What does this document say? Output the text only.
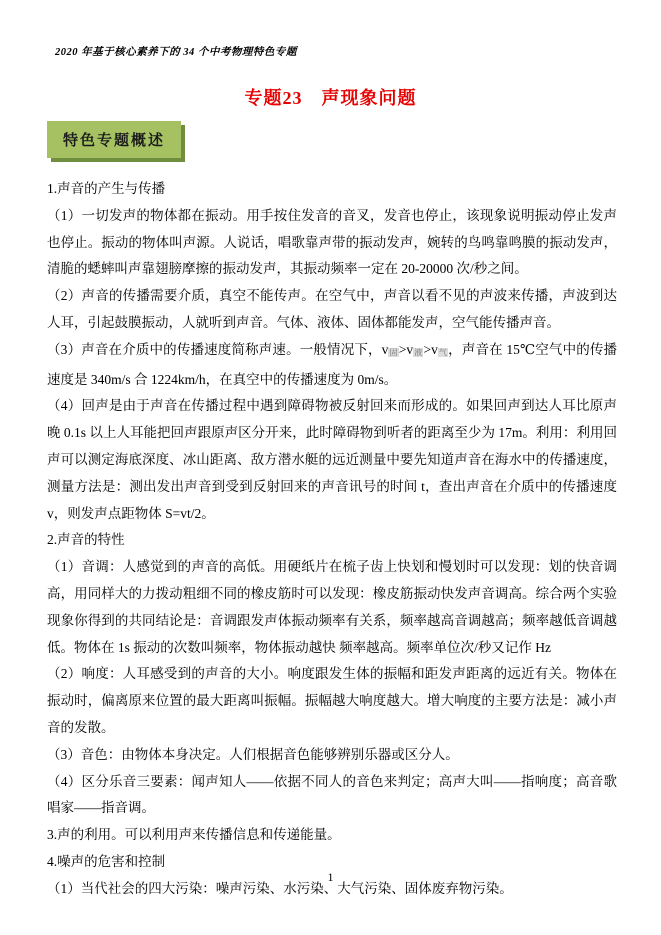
2020 年基于核心素养下的 34 个中考物理特色专题
专题23　声现象问题
特色专题概述

1.声音的产生与传播

（1）一切发声的物体都在振动。用手按住发音的音叉，发音也停止，该现象说明振动停止发声也停止。振动的物体叫声源。人说话，唱歌靠声带的振动发声，婉转的鸟鸣靠鸣膜的振动发声，清脆的蟋蟀叫声靠翅膀摩擦的振动发声，其振动频率一定在 20-20000 次/秒之间。

（2）声音的传播需要介质，真空不能传声。在空气中，声音以看不见的声波来传播，声波到达人耳，引起鼓膜振动，人就听到声音。气体、液体、固体都能发声，空气能传播声音。

（3）声音在介质中的传播速度简称声速。一般情况下，v固>v液>v气，声音在 15℃空气中的传播速度是 340m/s 合 1224km/h，在真空中的传播速度为 0m/s。

（4）回声是由于声音在传播过程中遇到障碍物被反射回来而形成的。如果回声到达人耳比原声晚 0.1s 以上人耳能把回声跟原声区分开来，此时障碍物到听者的距离至少为 17m。利用：利用回声可以测定海底深度、冰山距离、敌方潜水艇的远近测量中要先知道声音在海水中的传播速度，测量方法是：测出发出声音到受到反射回来的声音讯号的时间 t，查出声音在介质中的传播速度 v，则发声点距物体 S=vt/2。

2.声音的特性

（1）音调：人感觉到的声音的高低。用硬纸片在梳子齿上快划和慢划时可以发现：划的快音调高，用同样大的力拨动粗细不同的橡皮筋时可以发现：橡皮筋振动快发声音调高。综合两个实验现象你得到的共同结论是：音调跟发声体振动频率有关系，频率越高音调越高；频率越低音调越低。物体在 1s 振动的次数叫频率，物体振动越快 频率越高。频率单位次/秒又记作 Hz

（2）响度：人耳感受到的声音的大小。响度跟发生体的振幅和距发声距离的远近有关。物体在振动时，偏离原来位置的最大距离叫振幅。振幅越大响度越大。增大响度的主要方法是：减小声音的发散。

（3）音色：由物体本身决定。人们根据音色能够辨别乐器或区分人。

（4）区分乐音三要素：闻声知人——依据不同人的音色来判定；高声大叫——指响度；高音歌唱家——指音调。

3.声的利用。可以利用声来传播信息和传递能量。

4.噪声的危害和控制

（1）当代社会的四大污染：噪声污染、水污染、大气污染、固体废弃物污染。

1
